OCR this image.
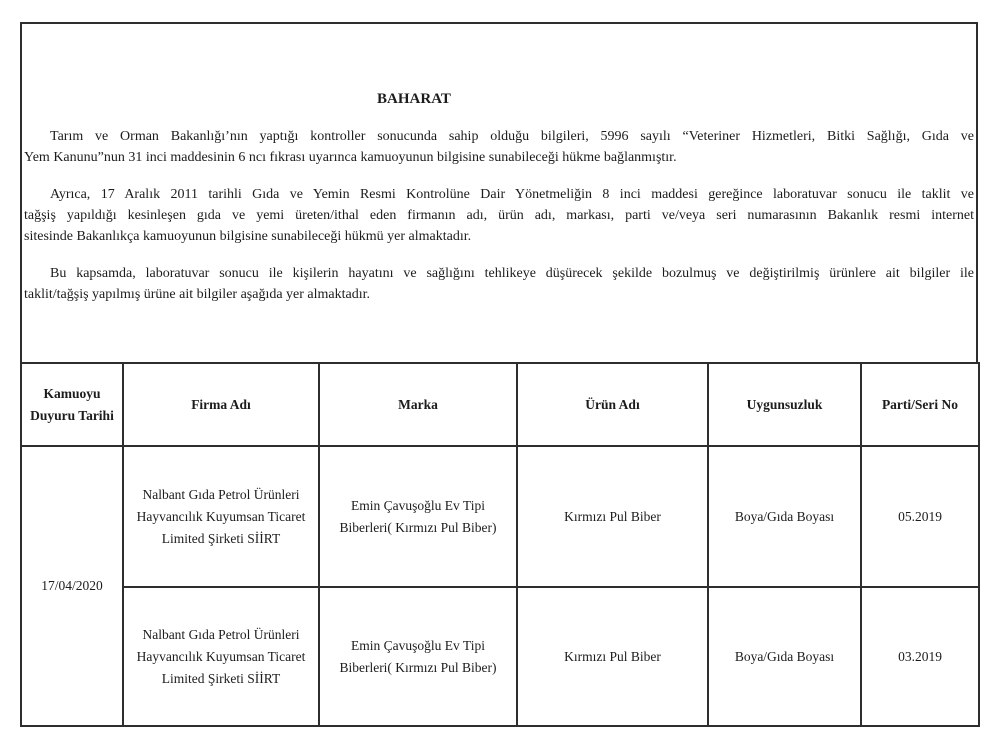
BAHARAT
Tarım ve Orman Bakanlığı’nın yaptığı kontroller sonucunda sahip olduğu bilgileri, 5996 sayılı “Veteriner Hizmetleri, Bitki Sağlığı, Gıda ve
Yem Kanunu”nun 31 inci maddesinin 6 ncı fıkrası uyarınca kamuoyunun bilgisine sunabileceği hükme bağlanmıştır.
Ayrıca, 17 Aralık 2011 tarihli Gıda ve Yemin Resmi Kontrolüne Dair Yönetmeliğin 8 inci maddesi gereğince laboratuvar sonucu ile taklit ve
tağşiş yapıldığı kesinleşen gıda ve yemi üreten/ithal eden firmanın adı, ürün adı, markası, parti ve/veya seri numarasının Bakanlık resmi internet
sitesinde Bakanlıkça kamuoyunun bilgisine sunabileceği hükmü yer almaktadır.
Bu kapsamda, laboratuvar sonucu ile kişilerin hayatını ve sağlığını tehlikeye düşürecek şekilde bozulmuş ve değiştirilmiş ürünlere ait bilgiler ile
taklit/tağşiş yapılmış ürüne ait bilgiler aşağıda yer almaktadır.
Kamuoyu Duyuru Tarihi	Firma Adı	Marka	Ürün Adı	Uygunsuzluk	Parti/Seri No
17/04/2020	Nalbant Gıda Petrol Ürünleri Hayvancılık Kuyumsan Ticaret Limited Şirketi SİİRT	Emin Çavuşoğlu Ev Tipi Biberleri( Kırmızı Pul Biber)	Kırmızı Pul Biber	Boya/Gıda Boyası	05.2019
	Nalbant Gıda Petrol Ürünleri Hayvancılık Kuyumsan Ticaret Limited Şirketi SİİRT	Emin Çavuşoğlu Ev Tipi Biberleri( Kırmızı Pul Biber)	Kırmızı Pul Biber	Boya/Gıda Boyası	03.2019
